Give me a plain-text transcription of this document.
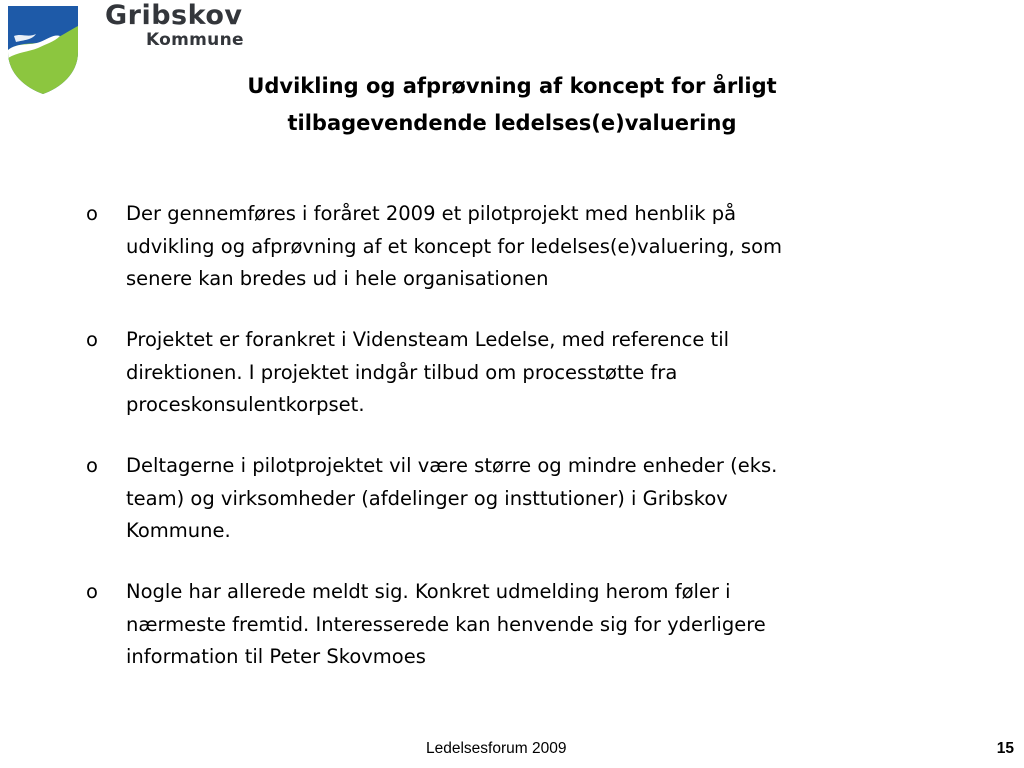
Gribskov
Kommune
Udvikling og afprøvning af koncept for årligt
tilbagevendende ledelses(e)valuering
o	Der gennemføres i foråret 2009 et pilotprojekt med henblik på
udvikling og afprøvning af et koncept for ledelses(e)valuering, som
senere kan bredes ud i hele organisationen
o	Projektet er forankret i Vidensteam Ledelse, med reference til
direktionen. I projektet indgår tilbud om processtøtte fra
proceskonsulentkorpset.
o	Deltagerne i pilotprojektet vil være større og mindre enheder (eks.
team) og virksomheder (afdelinger og insttutioner) i Gribskov
Kommune.
o	Nogle har allerede meldt sig. Konkret udmelding herom føler i
nærmeste fremtid. Interesserede kan henvende sig for yderligere
information til Peter Skovmoes
Ledelsesforum 2009	15
